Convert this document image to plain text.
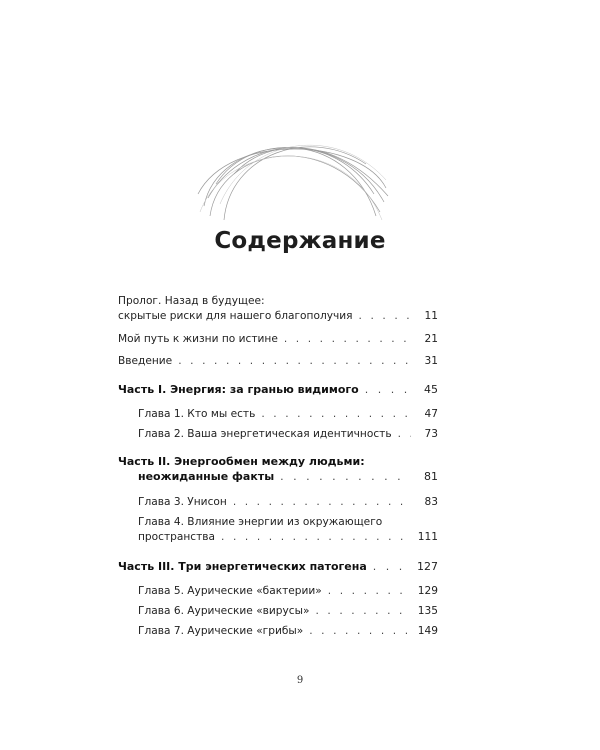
Содержание
Пролог. Назад в будущее:
скрытые риски для нашего благополучия . . .	11
Мой путь к жизни по истине . . .	21
Введение . . .	31
Часть I. Энергия: за гранью видимого . . .	45
Глава 1. Кто мы есть . . .	47
Глава 2. Ваша энергетическая идентичность . . .	73
Часть II. Энергообмен между людьми:
неожиданные факты . . .	81
Глава 3. Унисон . . .	83
Глава 4. Влияние энергии из окружающего
пространства . . .	111
Часть III. Три энергетических патогена . . .	127
Глава 5. Аурические «бактерии» . . .	129
Глава 6. Аурические «вирусы» . . .	135
Глава 7. Аурические «грибы» . . .	149
9
